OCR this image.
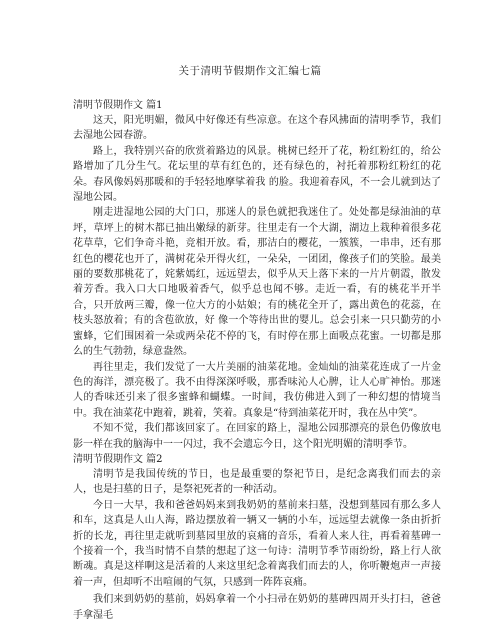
关于清明节假期作文汇编七篇

清明节假期作文 篇1

这天，阳光明媚，微风中好像还有些凉意。在这个春风拂面的清明季节，我们去湿地公园春游。

路上，我特别兴奋的欣赏着路边的风景。桃树已经开了花，粉红粉红的，给公路增加了几分生气。花坛里的草有红色的，还有绿色的，衬托着那粉红粉红的花朵。春风像妈妈那暖和的手轻轻地摩挲着我 的脸。我迎着春风，不一会儿就到达了湿地公园。

刚走进湿地公园的大门口，那迷人的景色就把我迷住了。处处都是绿油油的草坪，草坪上的树木都已抽出嫩绿的新芽。往里走有一个大湖，湖边上栽种着很多花花草草，它们争奇斗艳，竞相开放。看，那洁白的樱花，一簇簇，一串串，还有那红色的樱花也开了，满树花朵开得火红，一朵朵，一团团，像孩子们的笑脸。最美丽的要数那桃花了，姹紫嫣红，远远望去，似乎从天上落下来的一片片朝霞，散发着芳香。我入口大口地吸着香气，似乎总也闻不够。走近一看，有的桃花半开半合，只开放两三瓣，像一位大方的小姑娘；有的桃花全开了，露出黄色的花蕊，在枝头怒放着；有的含苞欲放，好 像一个等待出世的婴儿。总会引来一只只勤劳的小蜜蜂，它们围困着一朵或两朵花不停的飞，有时停在那上面吸点花蜜。一切都是那么的生气勃勃，绿意盎然。

再往里走，我们发觉了一大片美丽的油菜花地。金灿灿的油菜花连成了一片金色的海洋，漂亮极了。我不由得深深呼吸，那香味沁人心脾，让人心旷神怡。那迷人的香味还引来了很多蜜蜂和蝴蝶。一时间，我仿佛进入到了一种幻想的情境当中。我在油菜花中跑着，跳着，笑着。真象是“待到油菜花开时，我在丛中笑”。

不知不觉，我们都该回家了。在回家的路上，湿地公园那漂亮的景色仍像放电影一样在我的脑海中一一闪过，我不会遗忘今日，这个阳光明媚的清明季节。

清明节假期作文 篇2

清明节是我国传统的节日，也是最重要的祭祀节日，是纪念离我们而去的亲人，也是扫墓的日子，是祭祀死者的一种活动。

今日一大早，我和爸爸妈妈来到我奶奶的墓前来扫墓，没想到墓园有那么多人和车，这真是人山人海，路边摆放着一辆又一辆的小车，远远望去就像一条由折折折的长龙，再往里走就听到墓园里放的哀痛的音乐，看着人来人往，再看着墓碑一个接着一个，我当时情不自禁的想起了这一句诗：清明节季节雨纷纷，路上行人欲断魂。真是这样啊这是活着的人来这里纪念着离我们而去的人，你听鞭炮声一声接着一声，但却听不出喧闹的气氛，只感到一阵阵哀痛。

我们来到奶奶的墓前，妈妈拿着一个小扫帚在奶奶的墓碑四周开头打扫，爸爸手拿湿毛
